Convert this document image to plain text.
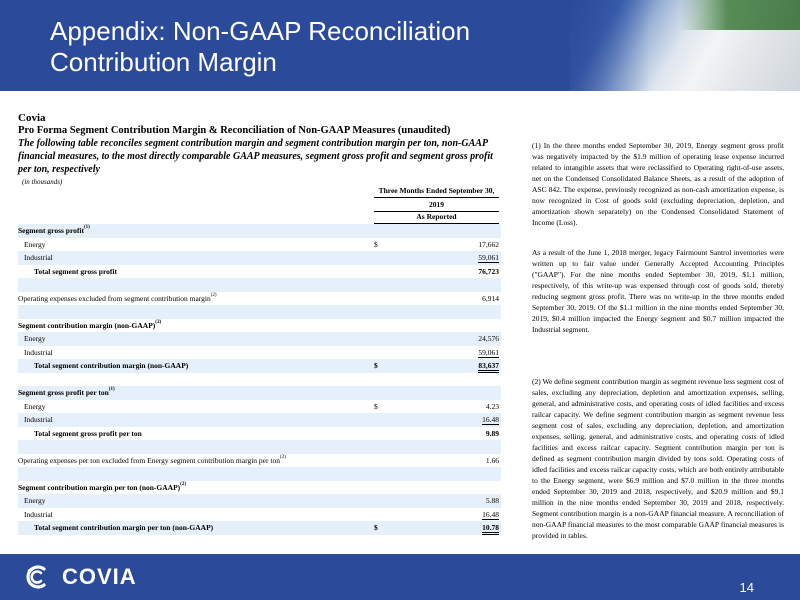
Appendix: Non-GAAP Reconciliation
Contribution Margin
Covia
Pro Forma Segment Contribution Margin & Reconciliation of Non-GAAP Measures (unaudited)
The following table reconciles segment contribution margin and segment contribution margin per ton, non-GAAP financial measures, to the most directly comparable GAAP measures, segment gross profit and segment gross profit per ton, respectively
(in thousands)
Three Months Ended September 30,
2019
As Reported
Segment gross profit$^{(1)}$
Energy	$	17,662
Industrial	59,061
Total segment gross profit	76,723
Operating expenses excluded from segment contribution margin$^{(2)}$	6,914
Segment contribution margin (non-GAAP)$^{(2)}$
Energy	24,576
Industrial	59,061
Total segment contribution margin (non-GAAP)	$	83,637
Segment gross profit per ton$^{(1)}$
Energy	$	4.23
Industrial	16.48
Total segment gross profit per ton	9.89
Operating expenses per ton excluded from Energy segment contribution margin per ton$^{(2)}$	1.66
Segment contribution margin per ton (non-GAAP)$^{(2)}$
Energy	5.88
Industrial	16.48
Total segment contribution margin per ton (non-GAAP)	$	10.78
(1) In the three months ended September 30, 2019, Energy segment gross profit was negatively impacted by the $1.9 million of operating lease expense incurred related to intangible assets that were reclassified to Operating right-of-use assets, net on the Condensed Consolidated Balance Sheets, as a result of the adoption of ASC 842. The expense, previously recognized as non-cash amortization expense, is now recognized in Cost of goods sold (excluding depreciation, depletion, and amortization shown separately) on the Condensed Consolidated Statement of Income (Loss).
As a result of the June 1, 2018 merger, legacy Fairmount Santrol inventories were written up to fair value under Generally Accepted Accounting Principles ("GAAP"). For the nine months ended September 30, 2019, $1.1 million, respectively, of this write-up was expensed through cost of goods sold, thereby reducing segment gross profit. There was no write-up in the three months ended September 30, 2019. Of the $1.1 million in the nine months ended September 30, 2019, $0.4 million impacted the Energy segment and $0.7 million impacted the Industrial segment.
(2) We define segment contribution margin as segment revenue less segment cost of sales, excluding any depreciation, depletion and amortization expenses, selling, general, and administrative costs, and operating costs of idled facilities and excess railcar capacity. We define segment contribution margin as segment revenue less segment cost of sales, excluding any depreciation, depletion, and amortization expenses, selling, general, and administrative costs, and operating costs of idled facilities and excess railcar capacity. Segment contribution margin per ton is defined as segment contribution margin divided by tons sold. Operating costs of idled facilities and excess railcar capacity costs, which are both entirely attributable to the Energy segment, were $6.9 million and $7.0 million in the three months ended September 30, 2019 and 2018, respectively, and $20.9 million and $9.1 million in the nine months ended September 30, 2019 and 2018, respectively. Segment contribution margin is a non-GAAP financial measure. A reconciliation of non-GAAP financial measures to the most comparable GAAP financial measures is provided in tables.
COVIA	14
